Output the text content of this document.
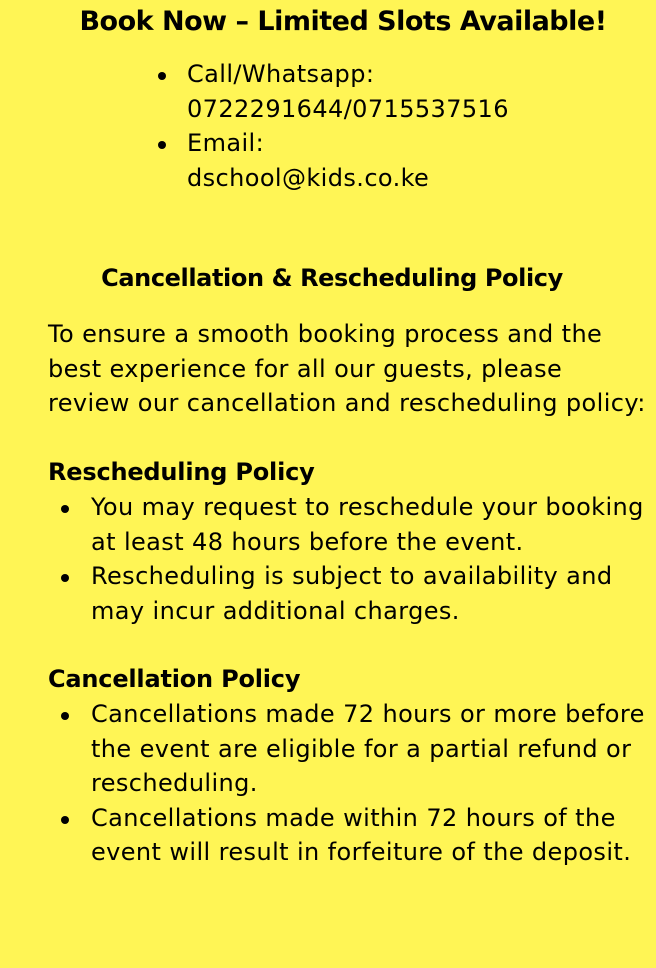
Book Now – Limited Slots Available!
Call/Whatsapp:
0722291644/0715537516
Email:
dschool@kids.co.ke
Cancellation & Rescheduling Policy

To ensure a smooth booking process and the best experience for all our guests, please review our cancellation and rescheduling policy:

Rescheduling Policy
You may request to reschedule your booking at least 48 hours before the event.
Rescheduling is subject to availability and may incur additional charges.
Cancellation Policy
Cancellations made 72 hours or more before the event are eligible for a partial refund or rescheduling.
Cancellations made within 72 hours of the event will result in forfeiture of the deposit.
